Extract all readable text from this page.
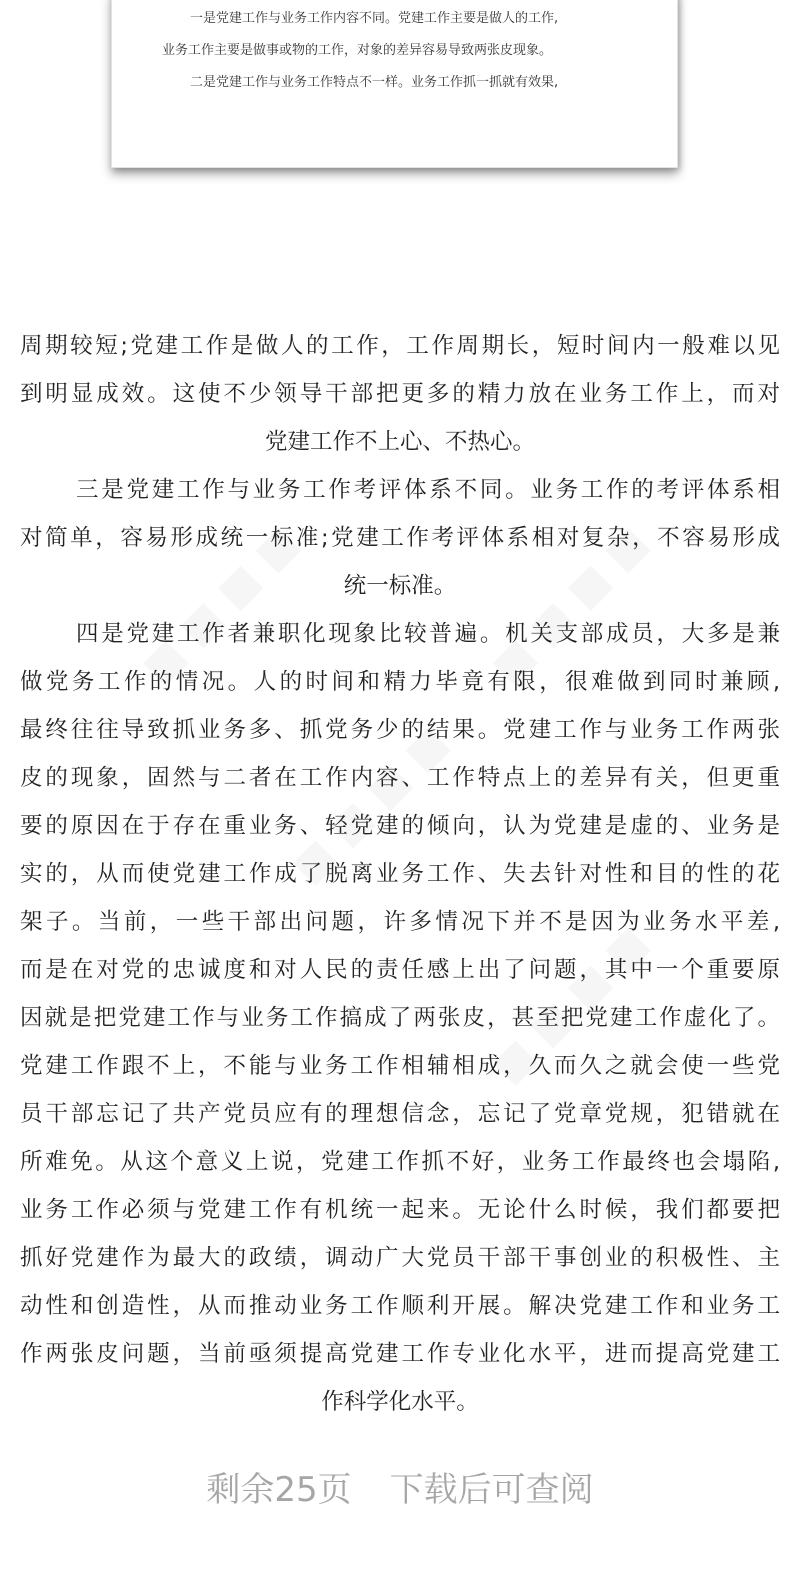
一是党建工作与业务工作内容不同。党建工作主要是做人的工作,
业务工作主要是做事或物的工作，对象的差异容易导致两张皮现象。
二是党建工作与业务工作特点不一样。业务工作抓一抓就有效果,
周期较短;党建工作是做人的工作，工作周期长，短时间内一般难以见
到明显成效。这使不少领导干部把更多的精力放在业务工作上，而对
党建工作不上心、不热心。
三是党建工作与业务工作考评体系不同。业务工作的考评体系相
对简单，容易形成统一标准;党建工作考评体系相对复杂，不容易形成
统一标准。
四是党建工作者兼职化现象比较普遍。机关支部成员，大多是兼
做党务工作的情况。人的时间和精力毕竟有限，很难做到同时兼顾,
最终往往导致抓业务多、抓党务少的结果。党建工作与业务工作两张
皮的现象，固然与二者在工作内容、工作特点上的差异有关，但更重
要的原因在于存在重业务、轻党建的倾向，认为党建是虚的、业务是
实的，从而使党建工作成了脱离业务工作、失去针对性和目的性的花
架子。当前，一些干部出问题，许多情况下并不是因为业务水平差,
而是在对党的忠诚度和对人民的责任感上出了问题，其中一个重要原
因就是把党建工作与业务工作搞成了两张皮，甚至把党建工作虚化了。
党建工作跟不上，不能与业务工作相辅相成，久而久之就会使一些党
员干部忘记了共产党员应有的理想信念，忘记了党章党规，犯错就在
所难免。从这个意义上说，党建工作抓不好，业务工作最终也会塌陷,
业务工作必须与党建工作有机统一起来。无论什么时候，我们都要把
抓好党建作为最大的政绩，调动广大党员干部干事创业的积极性、主
动性和创造性，从而推动业务工作顺利开展。解决党建工作和业务工
作两张皮问题，当前亟须提高党建工作专业化水平，进而提高党建工
作科学化水平。
剩余25页 下载后可查阅
